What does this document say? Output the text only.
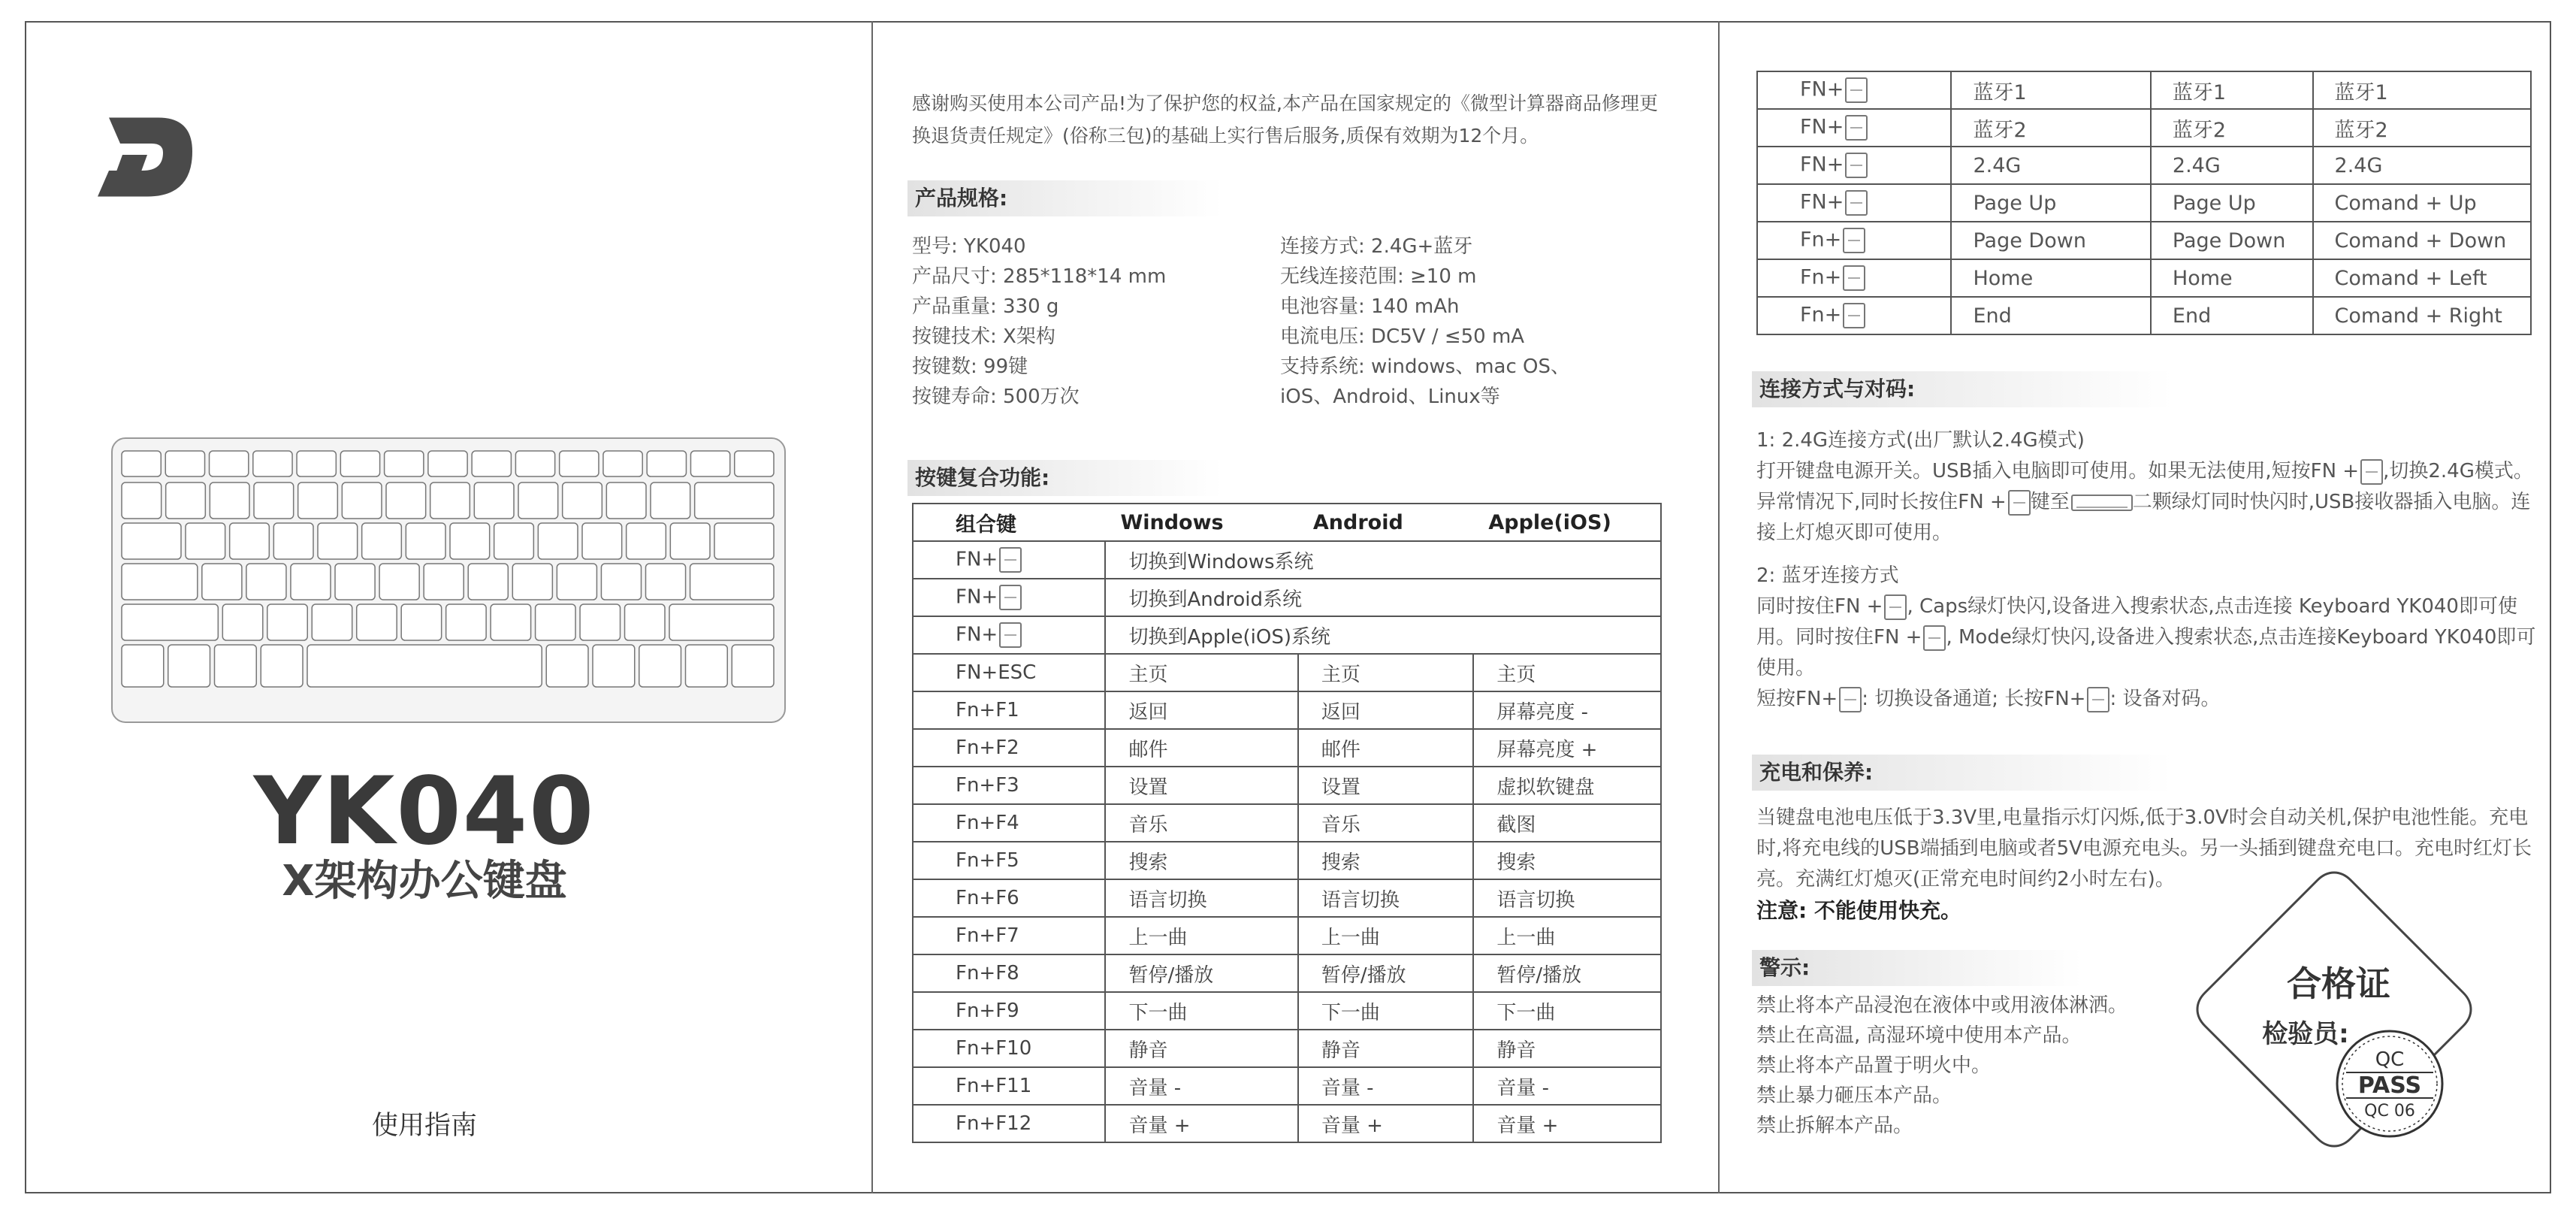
YK040
X架构办公键盘
使用指南
感谢购买使用本公司产品!为了保护您的权益,本产品在国家规定的《微型计算器商品修理更换退货责任规定》(俗称三包)的基础上实行售后服务,质保有效期为12个月。
产品规格:
型号: YK040
产品尺寸: 285*118*14 mm
产品重量: 330 g
按键技术: X架构
按键数: 99键
按键寿命: 500万次
连接方式: 2.4G+蓝牙
无线连接范围: ≥10 m
电池容量: 140 mAh
电流电压: DC5V / ≤50 mA
支持系统: windows、mac OS、
iOS、Android、Linux等
按键复合功能:
组合键	Windows	Android	Apple(iOS)
FN+	切换到Windows系统		
FN+	切换到Android系统		
FN+	切换到Apple(iOS)系统		
FN+ESC	主页	主页	主页
Fn+F1	返回	返回	屏幕亮度 -
Fn+F2	邮件	邮件	屏幕亮度 +
Fn+F3	设置	设置	虚拟软键盘
Fn+F4	音乐	音乐	截图
Fn+F5	搜索	搜索	搜索
Fn+F6	语言切换	语言切换	语言切换
Fn+F7	上一曲	上一曲	上一曲
Fn+F8	暂停/播放	暂停/播放	暂停/播放
Fn+F9	下一曲	下一曲	下一曲
Fn+F10	静音	静音	静音
Fn+F11	音量 -	音量 -	音量 -
Fn+F12	音量 +	音量 +	音量 +
FN+	蓝牙1	蓝牙1	蓝牙1
FN+	蓝牙2	蓝牙2	蓝牙2
FN+	2.4G	2.4G	2.4G
FN+	Page Up	Page Up	Comand + Up
Fn+	Page Down	Page Down	Comand + Down
Fn+	Home	Home	Comand + Left
Fn+	End	End	Comand + Right
连接方式与对码:
1: 2.4G连接方式(出厂默认2.4G模式)
打开键盘电源开关。USB插入电脑即可使用。如果无法使用,短按FN + ,切换2.4G模式。异常情况下,同时长按住FN + 键至	二颗绿灯同时快闪时,USB接收器插入电脑。连接上灯熄灭即可使用。
2: 蓝牙连接方式
同时按住FN + , Caps绿灯快闪,设备进入搜索状态,点击连接 Keyboard YK040即可使用。同时按住FN + , Mode绿灯快闪,设备进入搜索状态,点击连接Keyboard YK040即可使用。
短按FN+ : 切换设备通道; 长按FN+ : 设备对码。
充电和保养:
当键盘电池电压低于3.3V里,电量指示灯闪烁,低于3.0V时会自动关机,保护电池性能。充电时,将充电线的USB端插到电脑或者5V电源充电头。另一头插到键盘充电口。充电时红灯长亮。充满红灯熄灭(正常充电时间约2小时左右)。
注意: 不能使用快充。
警示:
禁止将本产品浸泡在液体中或用液体淋洒。
禁止在高温, 高湿环境中使用本产品。
禁止将本产品置于明火中。
禁止暴力砸压本产品。
禁止拆解本产品。
合格证
检验员:
QC
PASS
QC 06
